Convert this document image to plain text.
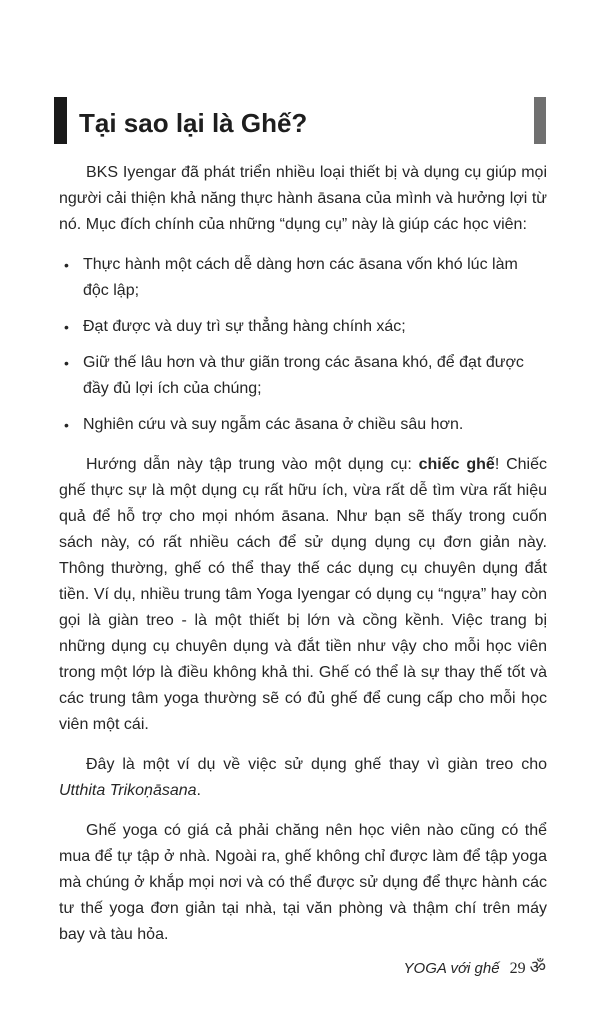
Tại sao lại là Ghế?

BKS Iyengar đã phát triển nhiều loại thiết bị và dụng cụ giúp mọi người cải thiện khả năng thực hành āsana của mình và hưởng lợi từ nó. Mục đích chính của những “dụng cụ” này là giúp các học viên:

• Thực hành một cách dễ dàng hơn các āsana vốn khó lúc làm độc lập;
• Đạt được và duy trì sự thẳng hàng chính xác;
• Giữ thế lâu hơn và thư giãn trong các āsana khó, để đạt được đầy đủ lợi ích của chúng;
• Nghiên cứu và suy ngẫm các āsana ở chiều sâu hơn.

Hướng dẫn này tập trung vào một dụng cụ: chiếc ghế! Chiếc ghế thực sự là một dụng cụ rất hữu ích, vừa rất dễ tìm vừa rất hiệu quả để hỗ trợ cho mọi nhóm āsana. Như bạn sẽ thấy trong cuốn sách này, có rất nhiều cách để sử dụng dụng cụ đơn giản này. Thông thường, ghế có thể thay thế các dụng cụ chuyên dụng đắt tiền. Ví dụ, nhiều trung tâm Yoga Iyengar có dụng cụ “ngựa” hay còn gọi là giàn treo - là một thiết bị lớn và cồng kềnh. Việc trang bị những dụng cụ chuyên dụng và đắt tiền như vậy cho mỗi học viên trong một lớp là điều không khả thi. Ghế có thể là sự thay thế tốt và các trung tâm yoga thường sẽ có đủ ghế để cung cấp cho mỗi học viên một cái.

Đây là một ví dụ về việc sử dụng ghế thay vì giàn treo cho Utthita Trikoṇāsana.

Ghế yoga có giá cả phải chăng nên học viên nào cũng có thể mua để tự tập ở nhà. Ngoài ra, ghế không chỉ được làm để tập yoga mà chúng ở khắp mọi nơi và có thể được sử dụng để thực hành các tư thế yoga đơn giản tại nhà, tại văn phòng và thậm chí trên máy bay và tàu hỏa.

YOGA với ghế 29 ॐ
